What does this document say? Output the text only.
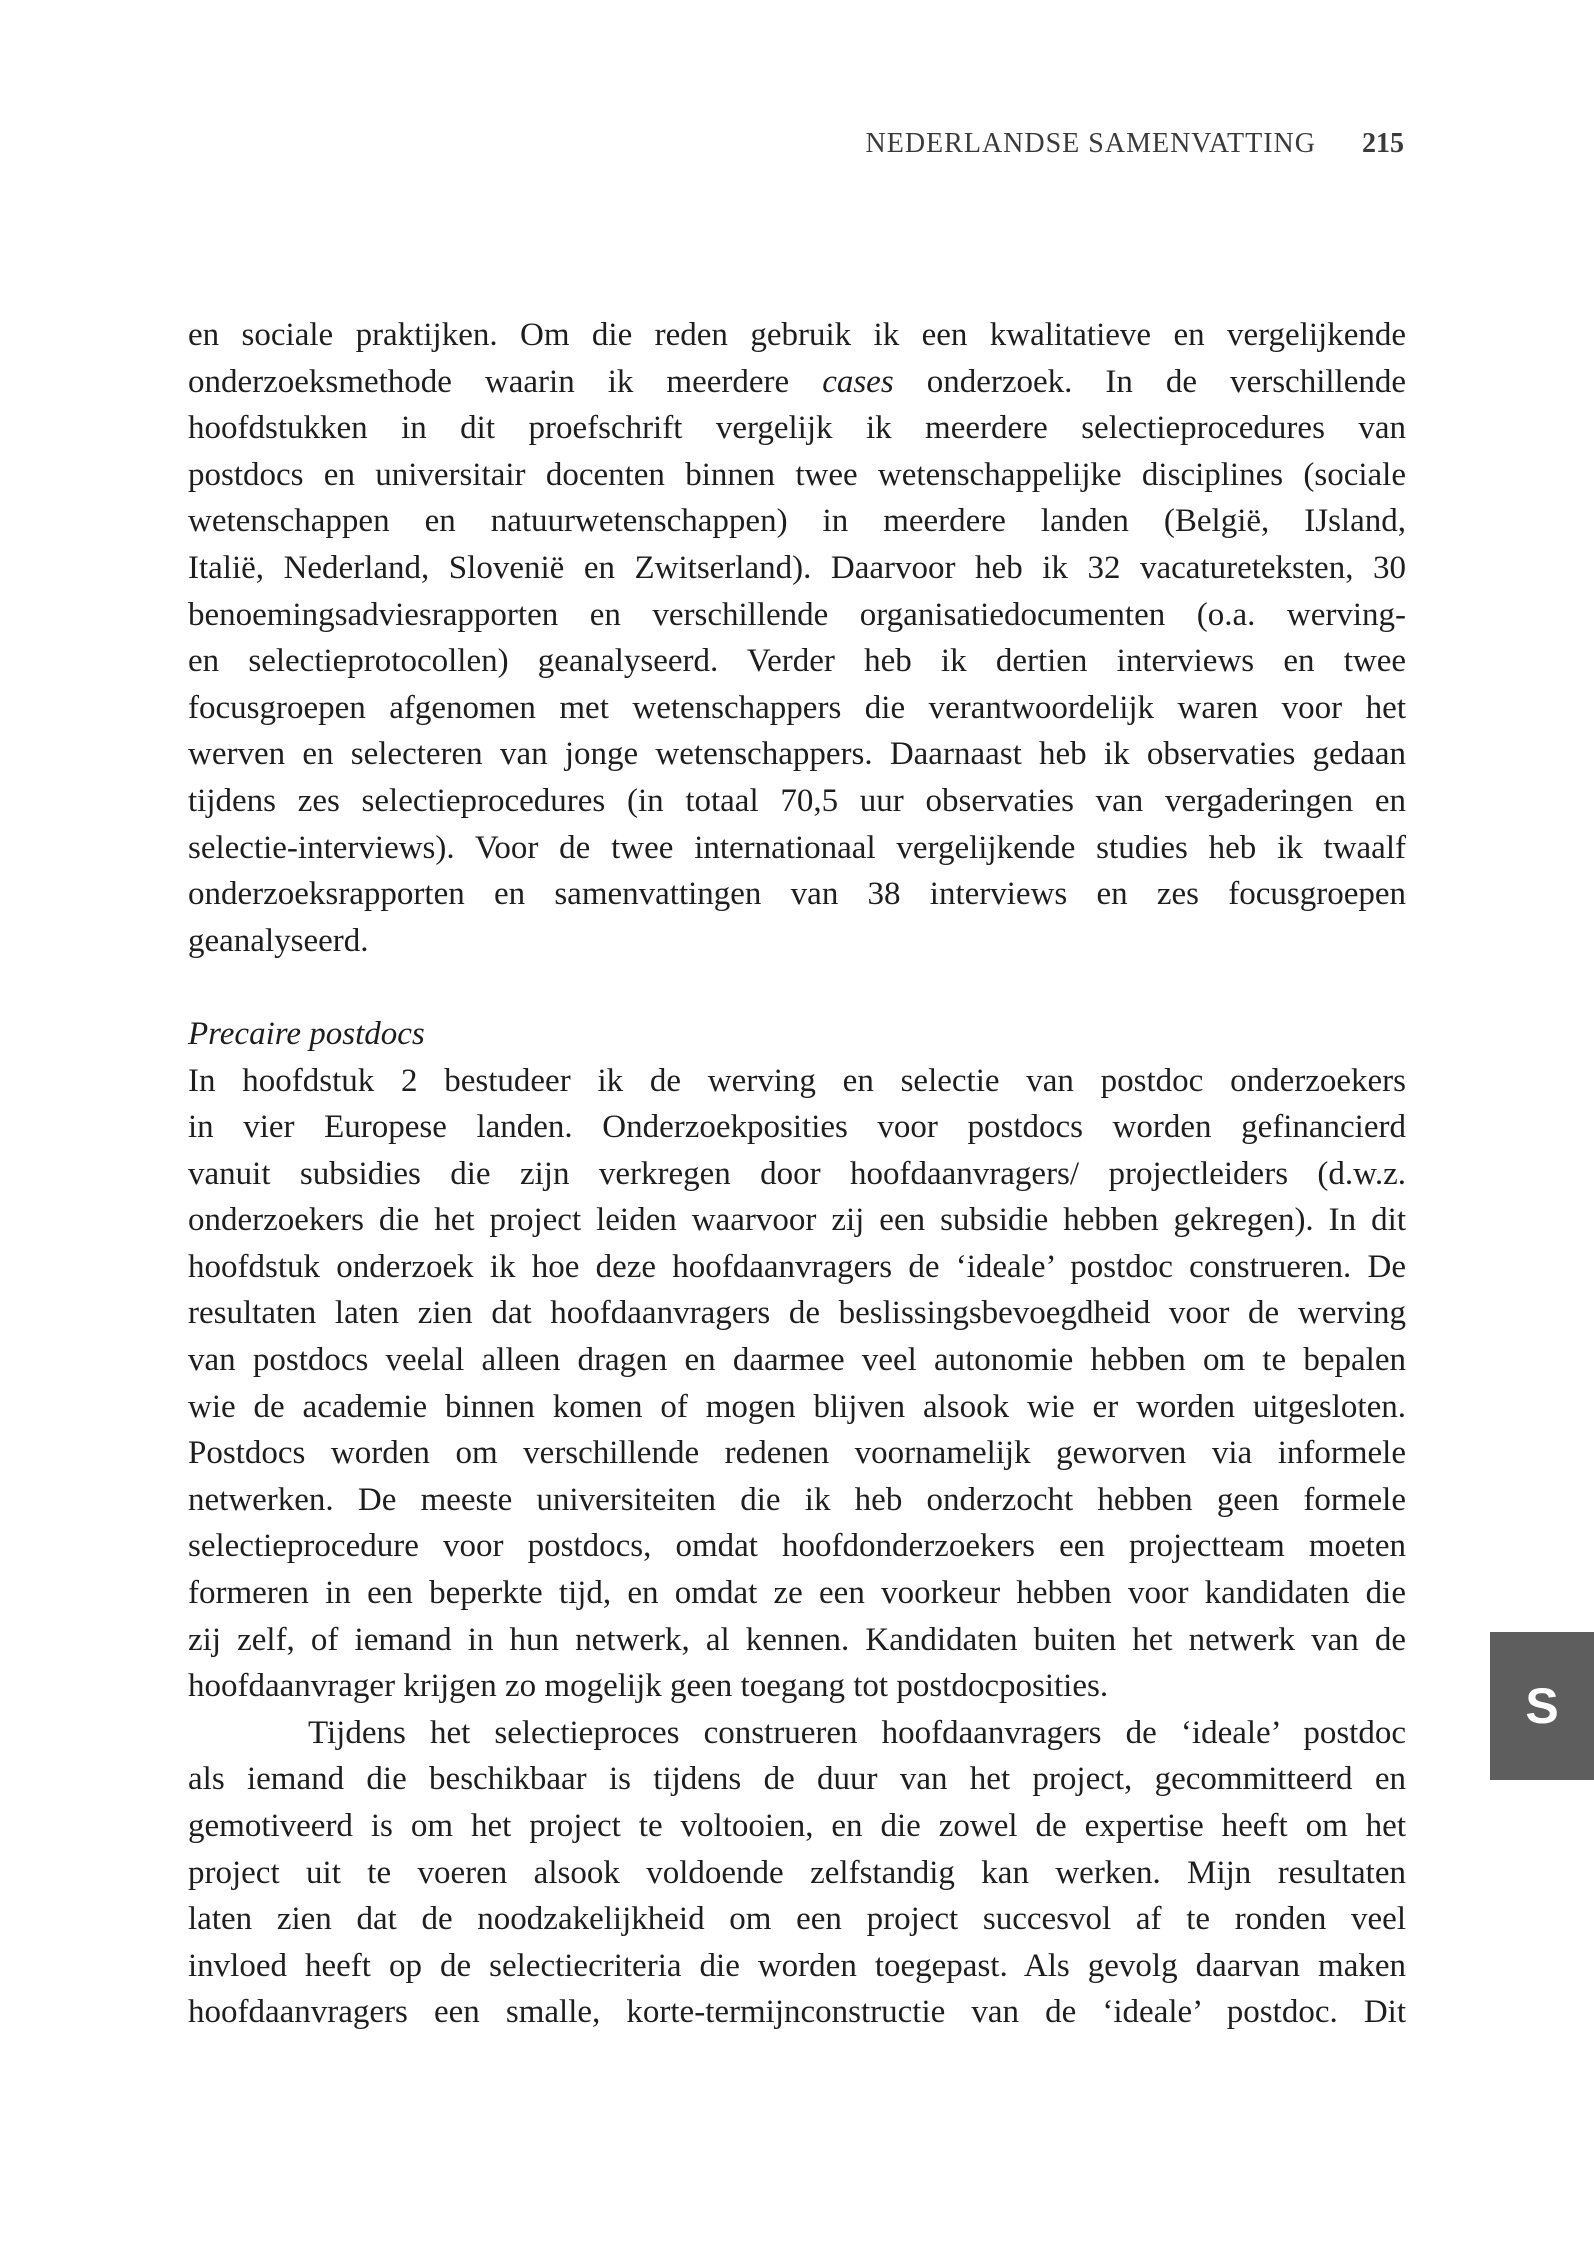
NEDERLANDSE SAMENVATTING 215
en sociale praktijken. Om die reden gebruik ik een kwalitatieve en vergelijkende
onderzoeksmethode waarin ik meerdere cases onderzoek. In de verschillende
hoofdstukken in dit proefschrift vergelijk ik meerdere selectieprocedures van
postdocs en universitair docenten binnen twee wetenschappelijke disciplines (sociale
wetenschappen en natuurwetenschappen) in meerdere landen (België, IJsland,
Italië, Nederland, Slovenië en Zwitserland). Daarvoor heb ik 32 vacatureteksten, 30
benoemingsadviesrapporten en verschillende organisatiedocumenten (o.a. werving-
en selectieprotocollen) geanalyseerd. Verder heb ik dertien interviews en twee
focusgroepen afgenomen met wetenschappers die verantwoordelijk waren voor het
werven en selecteren van jonge wetenschappers. Daarnaast heb ik observaties gedaan
tijdens zes selectieprocedures (in totaal 70,5 uur observaties van vergaderingen en
selectie-interviews). Voor de twee internationaal vergelijkende studies heb ik twaalf
onderzoeksrapporten en samenvattingen van 38 interviews en zes focusgroepen
geanalyseerd.
Precaire postdocs
In hoofdstuk 2 bestudeer ik de werving en selectie van postdoc onderzoekers
in vier Europese landen. Onderzoekposities voor postdocs worden gefinancierd
vanuit subsidies die zijn verkregen door hoofdaanvragers/ projectleiders (d.w.z.
onderzoekers die het project leiden waarvoor zij een subsidie hebben gekregen). In dit
hoofdstuk onderzoek ik hoe deze hoofdaanvragers de ‘ideale’ postdoc construeren. De
resultaten laten zien dat hoofdaanvragers de beslissingsbevoegdheid voor de werving
van postdocs veelal alleen dragen en daarmee veel autonomie hebben om te bepalen
wie de academie binnen komen of mogen blijven alsook wie er worden uitgesloten.
Postdocs worden om verschillende redenen voornamelijk geworven via informele
netwerken. De meeste universiteiten die ik heb onderzocht hebben geen formele
selectieprocedure voor postdocs, omdat hoofdonderzoekers een projectteam moeten
formeren in een beperkte tijd, en omdat ze een voorkeur hebben voor kandidaten die
zij zelf, of iemand in hun netwerk, al kennen. Kandidaten buiten het netwerk van de
hoofdaanvrager krijgen zo mogelijk geen toegang tot postdocposities.
Tijdens het selectieproces construeren hoofdaanvragers de ‘ideale’ postdoc
als iemand die beschikbaar is tijdens de duur van het project, gecommitteerd en
gemotiveerd is om het project te voltooien, en die zowel de expertise heeft om het
project uit te voeren alsook voldoende zelfstandig kan werken. Mijn resultaten
laten zien dat de noodzakelijkheid om een project succesvol af te ronden veel
invloed heeft op de selectiecriteria die worden toegepast. Als gevolg daarvan maken
hoofdaanvragers een smalle, korte-termijnconstructie van de ‘ideale’ postdoc. Dit
S
